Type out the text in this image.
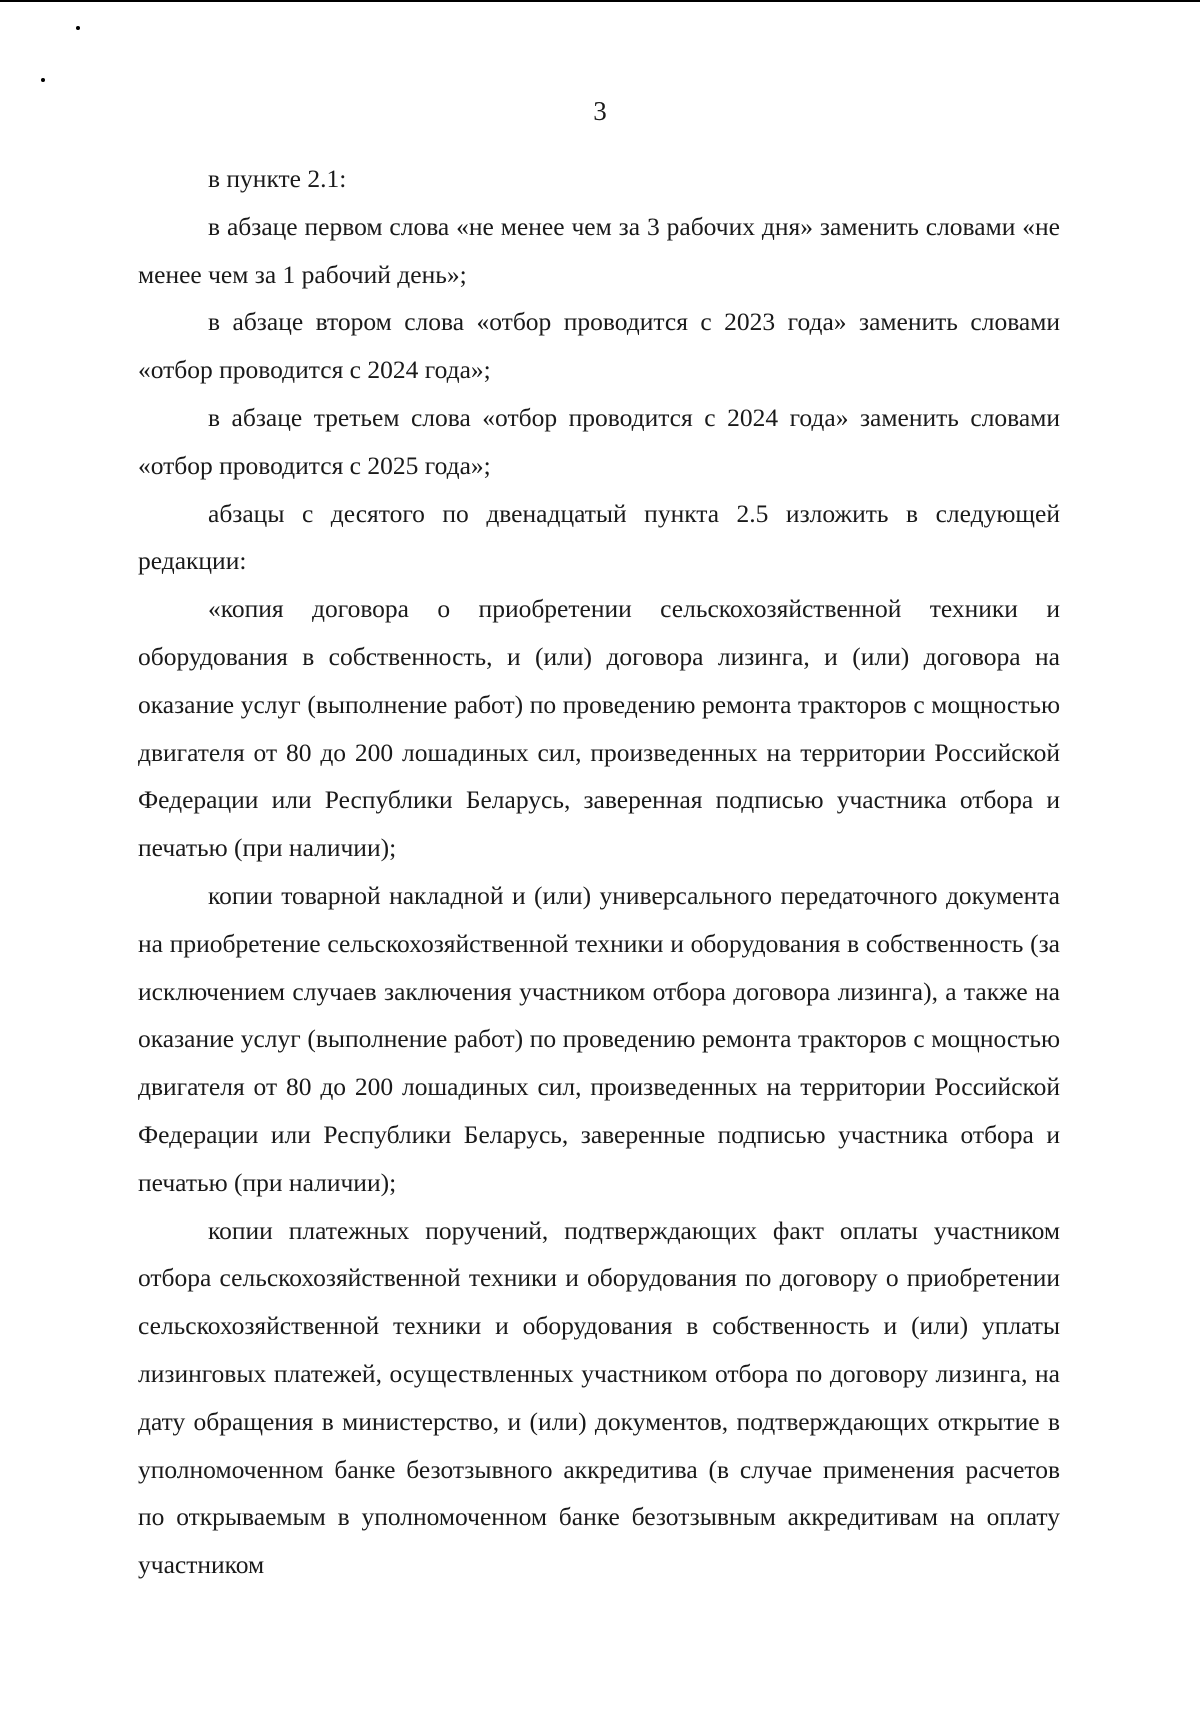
3

в пункте 2.1:

в абзаце первом слова «не менее чем за 3 рабочих дня» заменить словами «не менее чем за 1 рабочий день»;

в абзаце втором слова «отбор проводится с 2023 года» заменить словами «отбор проводится с 2024 года»;

в абзаце третьем слова «отбор проводится с 2024 года» заменить словами «отбор проводится с 2025 года»;

абзацы с десятого по двенадцатый пункта 2.5 изложить в следующей редакции:

«копия договора о приобретении сельскохозяйственной техники и оборудования в собственность, и (или) договора лизинга, и (или) договора на оказание услуг (выполнение работ) по проведению ремонта тракторов с мощностью двигателя от 80 до 200 лошадиных сил, произведенных на территории Российской Федерации или Республики Беларусь, заверенная подписью участника отбора и печатью (при наличии);

копии товарной накладной и (или) универсального передаточного документа на приобретение сельскохозяйственной техники и оборудования в собственность (за исключением случаев заключения участником отбора договора лизинга), а также на оказание услуг (выполнение работ) по проведению ремонта тракторов с мощностью двигателя от 80 до 200 лошадиных сил, произведенных на территории Российской Федерации или Республики Беларусь, заверенные подписью участника отбора и печатью (при наличии);

копии платежных поручений, подтверждающих факт оплаты участником отбора сельскохозяйственной техники и оборудования по договору о приобретении сельскохозяйственной техники и оборудования в собственность и (или) уплаты лизинговых платежей, осуществленных участником отбора по договору лизинга, на дату обращения в министерство, и (или) документов, подтверждающих открытие в уполномоченном банке безотзывного аккредитива (в случае применения расчетов по открываемым в уполномоченном банке безотзывным аккредитивам на оплату участником
